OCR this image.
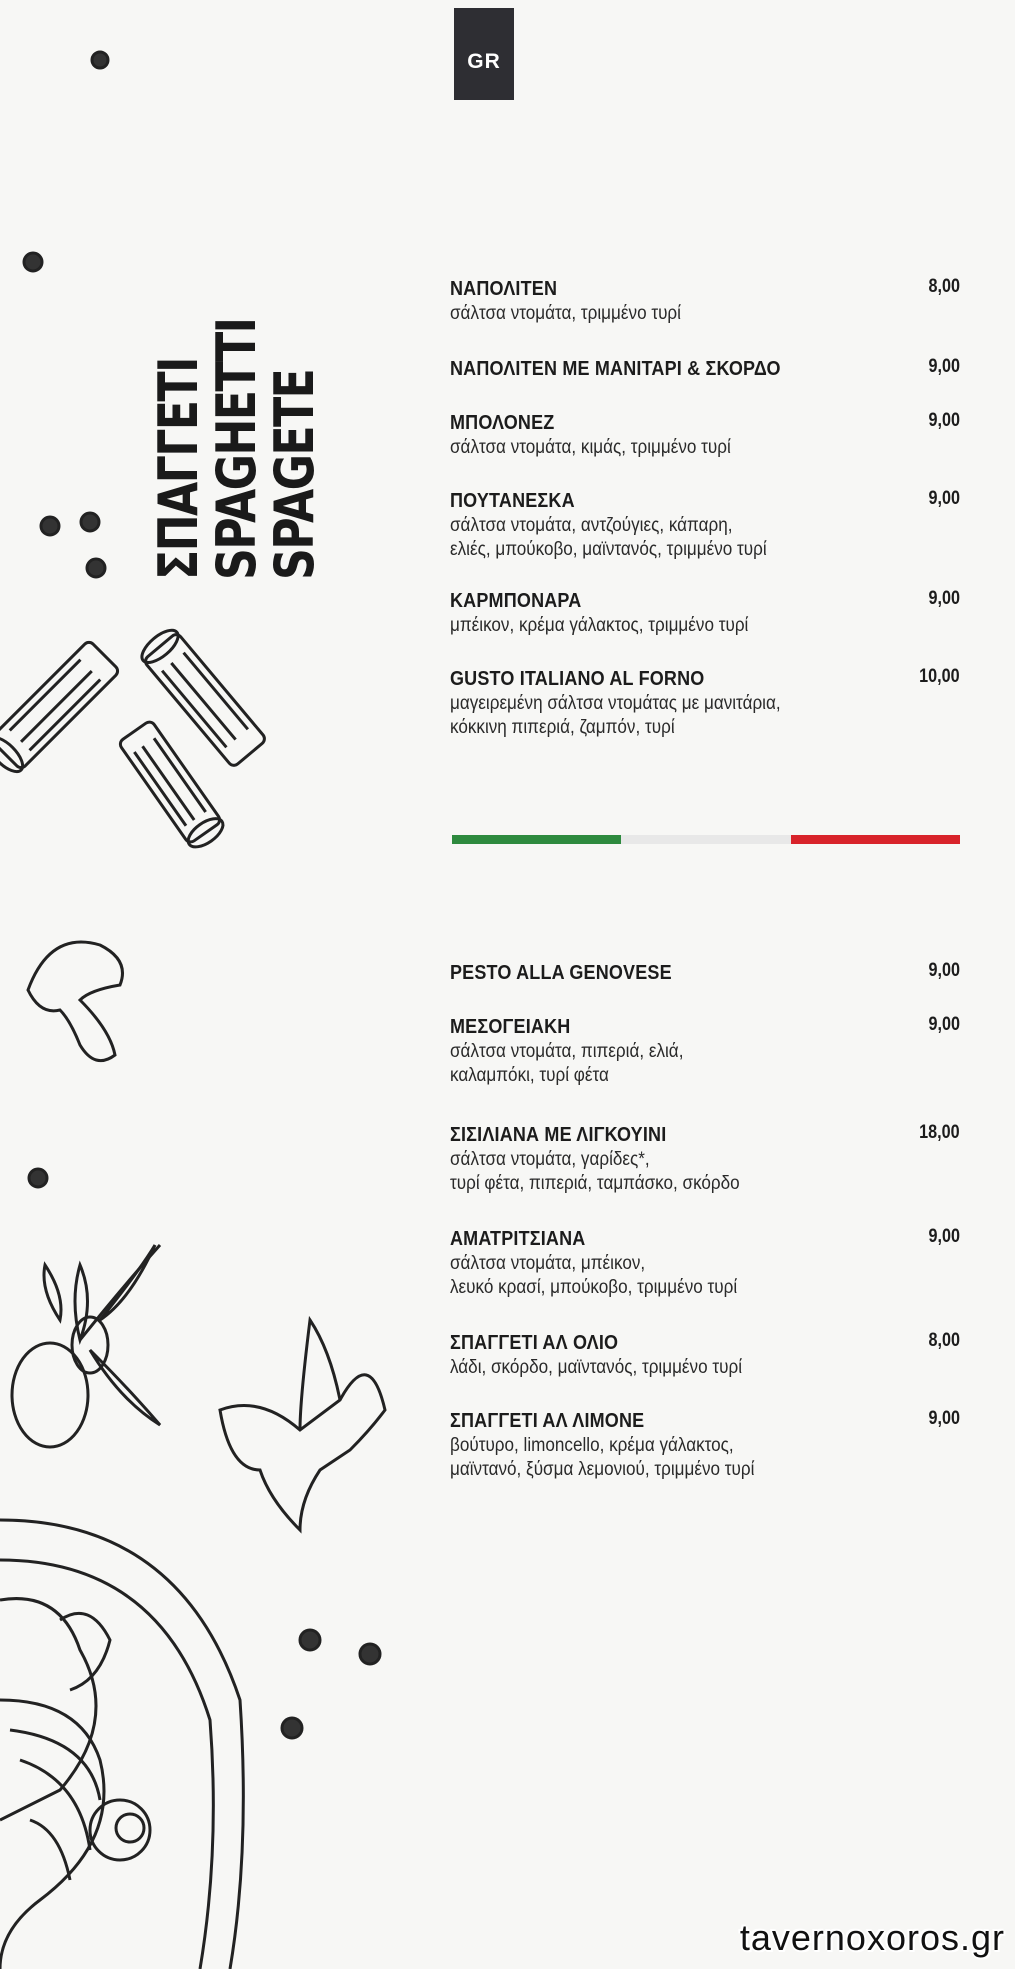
GR
ΣΠΑΓΓΕΤΙ
SPAGHETTI
SPAGETE
ΝΑΠΟΛΙΤΕΝ
σάλτσα ντομάτα, τριμμένο τυρί
8,00
ΝΑΠΟΛΙΤΕΝ ΜΕ ΜΑΝΙΤΑΡΙ & ΣΚΟΡΔΟ	9,00
ΜΠΟΛΟΝΕΖ
σάλτσα ντομάτα, κιμάς, τριμμένο τυρί
9,00
ΠΟΥΤΑΝΕΣΚΑ
σάλτσα ντομάτα, αντζούγιες, κάπαρη,
ελιές, μπούκοβο, μαϊντανός, τριμμένο τυρί
9,00
ΚΑΡΜΠΟΝΑΡΑ
μπέικον, κρέμα γάλακτος, τριμμένο τυρί
9,00
GUSTO ITALIANO AL FORNO
μαγειρεμένη σάλτσα ντομάτας με μανιτάρια,
κόκκινη πιπεριά, ζαμπόν, τυρί
10,00
PESTO ALLA GENOVESE	9,00
ΜΕΣΟΓΕΙΑΚΗ
σάλτσα ντομάτα, πιπεριά, ελιά,
καλαμπόκι, τυρί φέτα
9,00
ΣΙΣΙΛΙΑΝΑ ΜΕ ΛΙΓΚΟΥΙΝΙ
σάλτσα ντομάτα, γαρίδες*,
τυρί φέτα, πιπεριά, ταμπάσκο, σκόρδο
18,00
ΑΜΑΤΡΙΤΣΙΑΝΑ
σάλτσα ντομάτα, μπέικον,
λευκό κρασί, μπούκοβο, τριμμένο τυρί
9,00
ΣΠΑΓΓΕΤΙ ΑΛ ΟΛΙΟ
λάδι, σκόρδο, μαϊντανός, τριμμένο τυρί
8,00
ΣΠΑΓΓΕΤΙ ΑΛ ΛΙΜΟΝΕ
βούτυρο, limoncello, κρέμα γάλακτος,
μαϊντανό, ξύσμα λεμονιού, τριμμένο τυρί
9,00
tavernoxoros.gr
